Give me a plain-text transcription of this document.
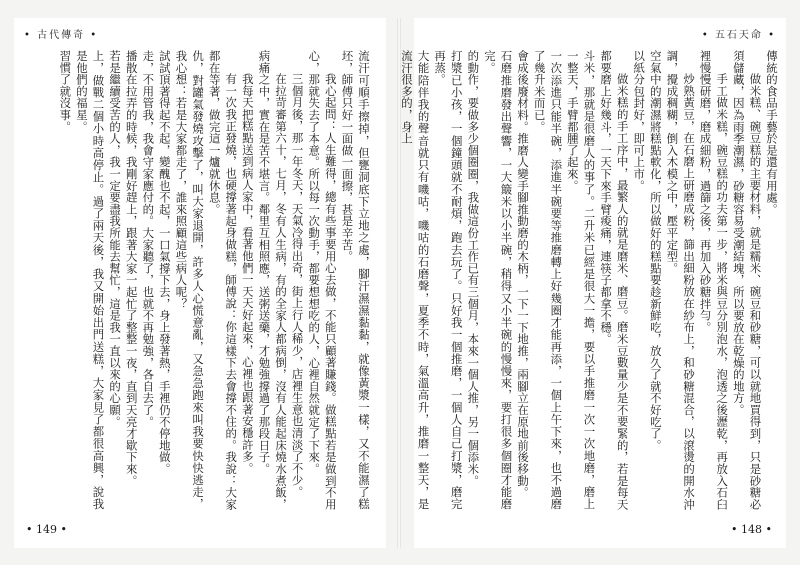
• 古代傳奇 •

流汗可順手擦掉，但甕洞底下立地之處，腳汗濕濕黏黏，就像黃漿一樣，又不能濕了糕坯，師傅只好一面做一面擦，甚是辛苦。

我心起問：人生難得，總有些事要用心去做，不能只顧著賺錢。做糕點若是做到不用心，那就失去了本意。所以每一次動手，都要想想吃的人，心裡自然就定了下來。

三個月後，那一年冬天，天氣冷得出奇，街上行人稀少，店裡生意也清淡了不少。

在拉苛審第六十，七月，冬有人生病，有的全家人都病倒，沒有人能起床燒水煮飯，病痛之中，實在是苦不堪言。鄰里互相照應，送粥送藥，才勉強撐過了那段日子。

我每天把糕點送到病人家中，看著他們一天天好起來，心裡也跟著安穩許多。

有一次我正發燒，也硬撐著起身做糕，師傅說：你這樣下去會撐不住的。我說：大家都在等著，做完這一爐就休息。

仇，對罐氣發燒攻擊了，叫大家退開，許多人心慌意亂，又急急跑來叫我要快快逃走，我心想：若是大家都走了，誰來照顧這些病人呢？

試試頂著得起不起，變醜也不起，一口氣撐下去，身上發著熱，手裡仍不停地做。

走，不用管我，我會守家應付的。大家聽了，也就不再勉強，各自去了。

播散在拉弄的時候，我剛好趕上，跟著大家一起忙了整整一夜，直到天亮才歇下來。

若是繼續受苦的人，我一定要盡我所能去幫忙，這是我一直以來的心願。

上，做戰二個小時高停止。過了兩天後，我又開始出門送糕，大家見了都很高興，說我是他們的福星。

習慣了就沒事。

• 149 •
• 五石天命 •

傳統的食品手藝於是還有用處。

做米糕、碗豆糕的主要材料，就是糯米、碗豆和砂糖，可以就地買得到，只是砂糖必須儲藏，因為雨季潮濕，砂糖容易受潮結塊，所以要放在乾燥的地方。

手工做米糕，碗豆糕的功夫第一步，將米與豆分別泡水，泡透之後瀝乾，再放入石臼裡慢慢研磨，磨成細粉，過篩之後，再加入砂糖拌勻。

炒熟黃豆，在石磨上研磨成粉，篩出細粉放在紗布上，和砂糖混合，以滾燙的開水沖調，攪成稠糊，倒入木模之中，壓平定型。

空氣中的潮濕將糕點軟化，所以做好的糕點要趁新鮮吃，放久了就不好吃了。

以紙分包封好，即可上市。

做米糕的手工序中，最繁人的就是磨米、磨豆。磨米豆數量少是不要緊的，若是每天都要磨上好幾斗，一天下來手臂痠痛，連筷子都拿不穩。

斗米，那就是很磨人的事了。二升米已經是很大一擔，要以手推磨一次一次地磨，磨上一整天，手臂都腫了起來。

一次添進只能半碗，添進半碗要等推磨轉上好幾圈才能再添，一個上午下來，也不過磨了幾升米而已。

會成後廢材料。推磨人變手腳推動磨的木柄，一下一下地推，兩腳立在原地前後移動。

石磨推磨發出聲響，一大簸米以小半碗，稍得又小半碗的慢慢來，要打很多個圈才能磨完。

的動作，要做多少個圈圈，我做這份工作已有三個月，本來一個人推，另一個添米。

打漿已小孩，一個鐘頭就不耐煩，跑去玩了。只好我一個推磨，一個人自己打漿，磨完再蒸。

大能陪伴我的聲音就只有嘰咕，嘰咕的石磨聲，夏季不時，氣溫高升，推磨一整天，是流汗很多的，身上

• 148 •
